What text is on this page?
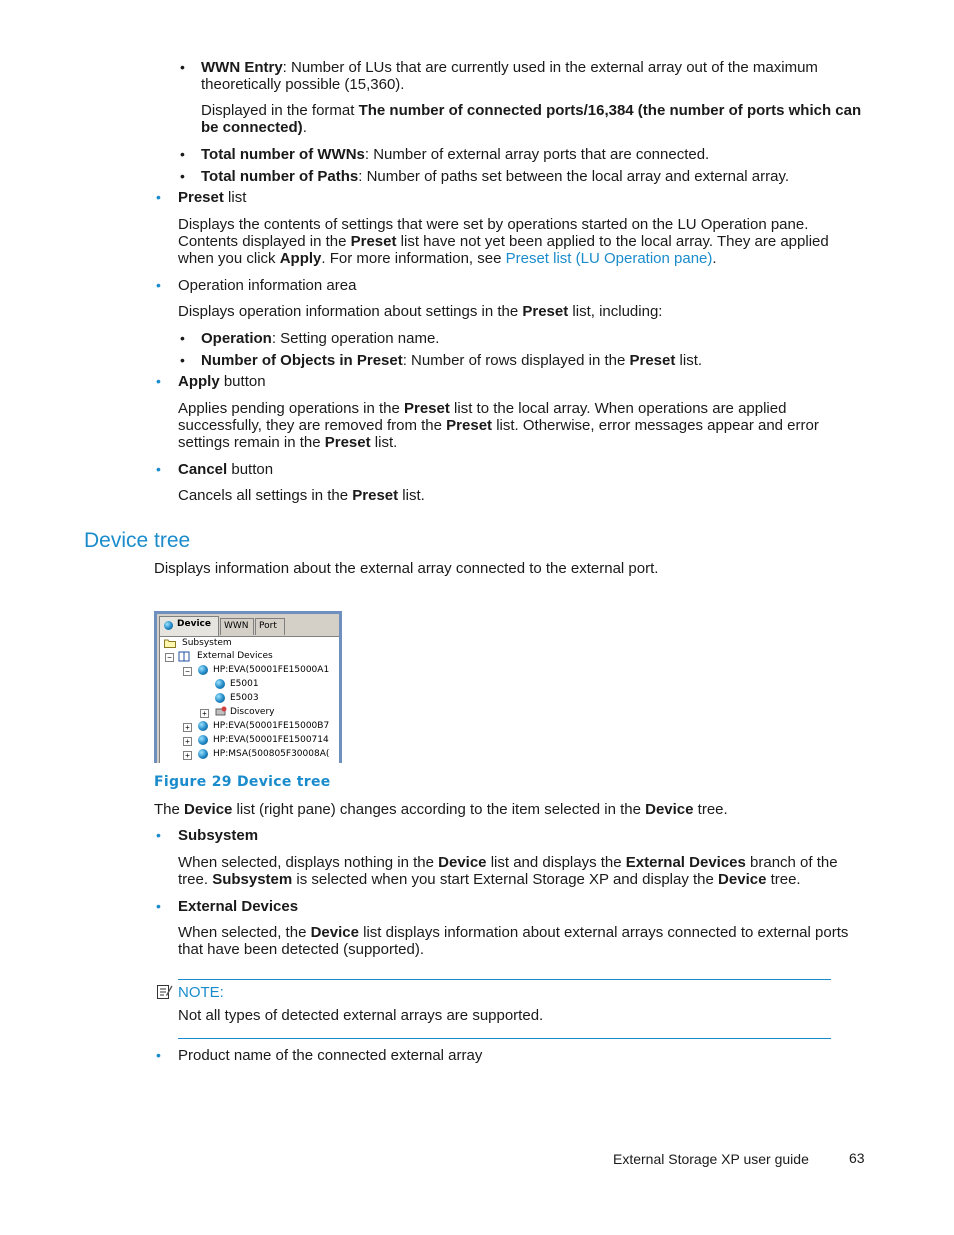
• WWN Entry: Number of LUs that are currently used in the external array out of the maximum
theoretically possible (15,360).
Displayed in the format The number of connected ports/16,384 (the number of ports which can
be connected).
• Total number of WWNs: Number of external array ports that are connected.
• Total number of Paths: Number of paths set between the local array and external array.
• Preset list
Displays the contents of settings that were set by operations started on the LU Operation pane.
Contents displayed in the Preset list have not yet been applied to the local array. They are applied
when you click Apply. For more information, see Preset list (LU Operation pane).
• Operation information area
Displays operation information about settings in the Preset list, including:
• Operation: Setting operation name.
• Number of Objects in Preset: Number of rows displayed in the Preset list.
• Apply button
Applies pending operations in the Preset list to the local array. When operations are applied
successfully, they are removed from the Preset list. Otherwise, error messages appear and error
settings remain in the Preset list.
• Cancel button
Cancels all settings in the Preset list.
Device tree
Displays information about the external array connected to the external port.
Device	WWN	Port
Subsystem
−	External Devices
−	HP:EVA(50001FE15000A1
E5001
E5003
+	Discovery
+	HP:EVA(50001FE15000B7
+	HP:EVA(50001FE1500714
+	HP:MSA(500805F30008A(
Figure 29 Device tree
The Device list (right pane) changes according to the item selected in the Device tree.
• Subsystem
When selected, displays nothing in the Device list and displays the External Devices branch of the
tree. Subsystem is selected when you start External Storage XP and display the Device tree.
• External Devices
When selected, the Device list displays information about external arrays connected to external ports
that have been detected (supported).
NOTE:
Not all types of detected external arrays are supported.
• Product name of the connected external array
External Storage XP user guide	63
